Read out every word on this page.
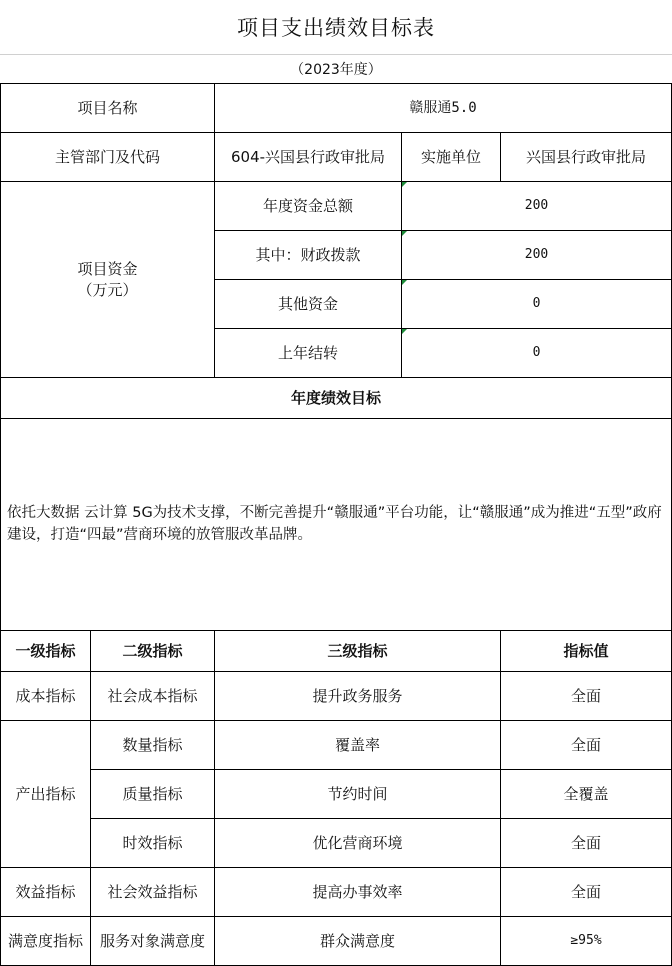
项目支出绩效目标表
（2023年度）
项目名称		赣服通5.0		
主管部门及代码		604-兴国县行政审批局	实施单位	兴国县行政审批局
项目资金
（万元）		年度资金总额	200	
		其中：财政拨款	200	
		其他资金	0	
		上年结转	0	
年度绩效目标				
依托大数据 云计算 5G为技术支撑，不断完善提升“赣服通”平台功能，让“赣服通”成为推进“五型”政府建设，打造“四最”营商环境的放管服改革品牌。				
一级指标	二级指标	三级指标		指标值
成本指标	社会成本指标	提升政务服务		全面
产出指标	数量指标	覆盖率		全面
	质量指标	节约时间		全覆盖
	时效指标	优化营商环境		全面
效益指标	社会效益指标	提高办事效率		全面
满意度指标	服务对象满意度	群众满意度		≥95%
